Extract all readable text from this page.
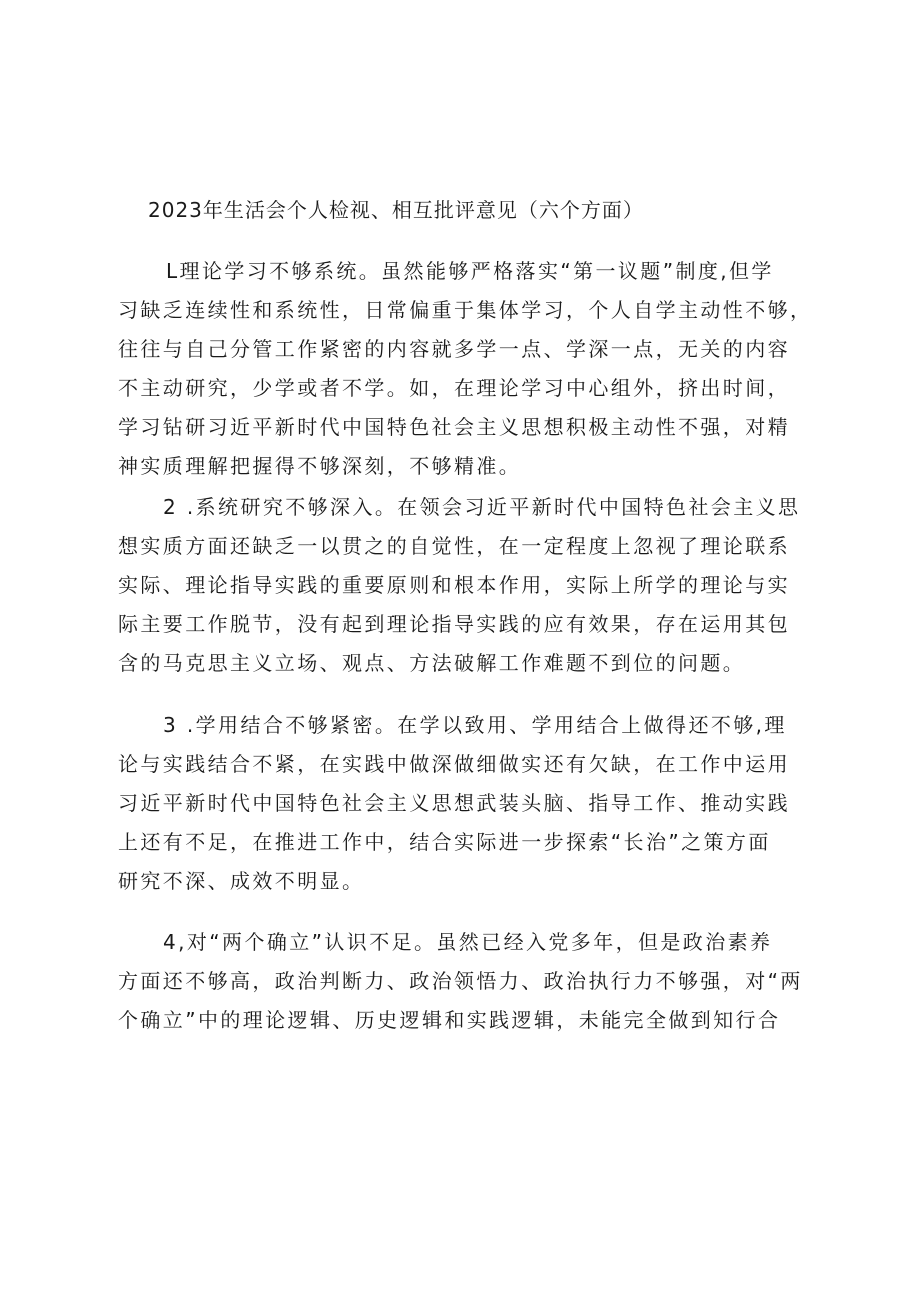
2023年生活会个人检视、相互批评意见（六个方面）
L理论学习不够系统。虽然能够严格落实“第一议题”制度,但学
习缺乏连续性和系统性，日常偏重于集体学习，个人自学主动性不够，
往往与自己分管工作紧密的内容就多学一点、学深一点，无关的内容
不主动研究，少学或者不学。如，在理论学习中心组外，挤出时间，
学习钻研习近平新时代中国特色社会主义思想积极主动性不强，对精
神实质理解把握得不够深刻，不够精准。
2 .系统研究不够深入。在领会习近平新时代中国特色社会主义思
想实质方面还缺乏一以贯之的自觉性，在一定程度上忽视了理论联系
实际、理论指导实践的重要原则和根本作用，实际上所学的理论与实
际主要工作脱节，没有起到理论指导实践的应有效果，存在运用其包
含的马克思主义立场、观点、方法破解工作难题不到位的问题。
3 .学用结合不够紧密。在学以致用、学用结合上做得还不够,理
论与实践结合不紧，在实践中做深做细做实还有欠缺，在工作中运用
习近平新时代中国特色社会主义思想武装头脑、指导工作、推动实践
上还有不足，在推进工作中，结合实际进一步探索“长治”之策方面
研究不深、成效不明显。
4,对“两个确立”认识不足。虽然已经入党多年，但是政治素养
方面还不够高，政治判断力、政治领悟力、政治执行力不够强，对“两
个确立”中的理论逻辑、历史逻辑和实践逻辑，未能完全做到知行合
